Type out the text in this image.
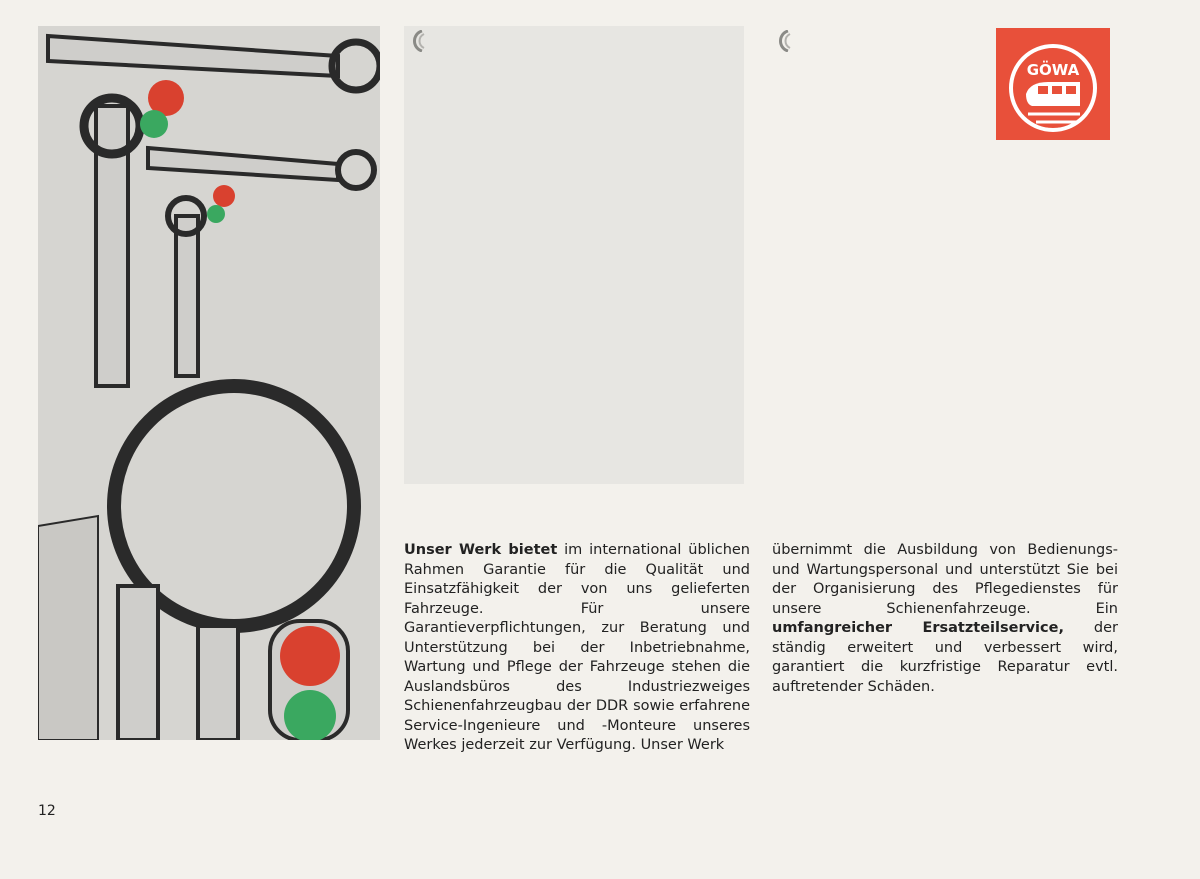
GÖWA
Unser Werk bietet im international üblichen Rahmen Garantie für die Qualität und Einsatzfähigkeit der von uns gelieferten Fahrzeuge. Für unsere Garantieverpflichtungen, zur Beratung und Unterstützung bei der Inbetriebnahme, Wartung und Pflege der Fahrzeuge stehen die Auslandsbüros des Industriezweiges Schienenfahrzeugbau der DDR sowie erfahrene Service-Ingenieure und -Monteure unseres Werkes jederzeit zur Verfügung. Unser Werk
übernimmt die Ausbildung von Bedienungs- und Wartungspersonal und unterstützt Sie bei der Organisierung des Pflegedienstes für unsere Schienenfahrzeuge. Ein umfangreicher Ersatzteilservice, der ständig erweitert und verbessert wird, garantiert die kurzfristige Reparatur evtl. auftretender Schäden.
12
